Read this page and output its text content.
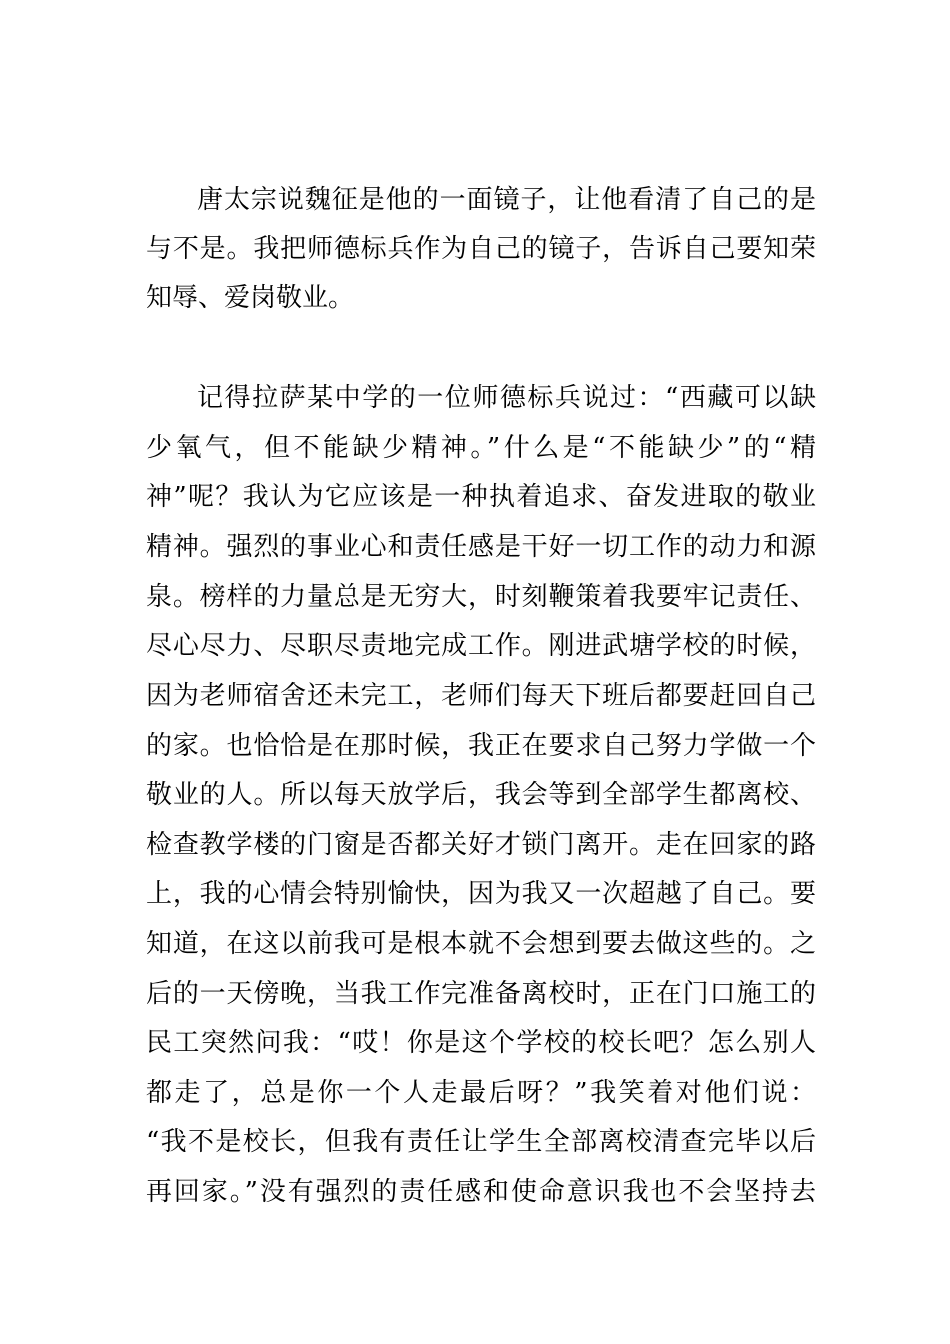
唐太宗说魏征是他的一面镜子，让他看清了自己的是
与不是。我把师德标兵作为自己的镜子，告诉自己要知荣
知辱、爱岗敬业。
记得拉萨某中学的一位师德标兵说过：“西藏可以缺
少氧气，但不能缺少精神。”什么是“不能缺少”的“精
神”呢？我认为它应该是一种执着追求、奋发进取的敬业
精神。强烈的事业心和责任感是干好一切工作的动力和源
泉。榜样的力量总是无穷大，时刻鞭策着我要牢记责任、
尽心尽力、尽职尽责地完成工作。刚进武塘学校的时候，
因为老师宿舍还未完工，老师们每天下班后都要赶回自己
的家。也恰恰是在那时候，我正在要求自己努力学做一个
敬业的人。所以每天放学后，我会等到全部学生都离校、
检查教学楼的门窗是否都关好才锁门离开。走在回家的路
上，我的心情会特别愉快，因为我又一次超越了自己。要
知道，在这以前我可是根本就不会想到要去做这些的。之
后的一天傍晚，当我工作完准备离校时，正在门口施工的
民工突然问我：“哎！你是这个学校的校长吧？怎么别人
都走了，总是你一个人走最后呀？”我笑着对他们说：
“我不是校长，但我有责任让学生全部离校清查完毕以后
再回家。”没有强烈的责任感和使命意识我也不会坚持去
